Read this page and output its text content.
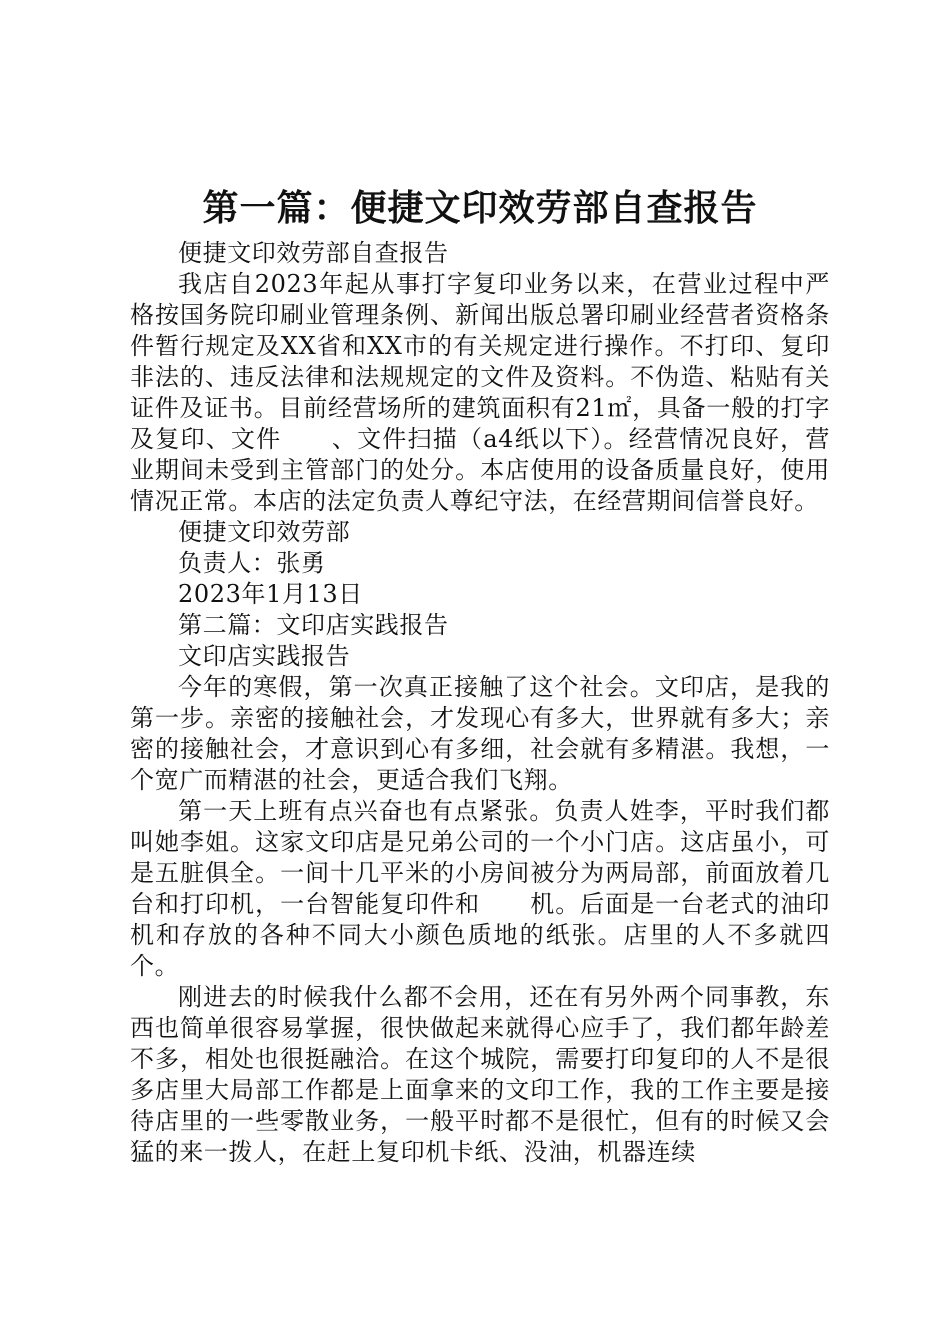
第一篇：便捷文印效劳部自查报告

便捷文印效劳部自查报告

我店自2023年起从事打字复印业务以来，在营业过程中严格按国务院印刷业管理条例、新闻出版总署印刷业经营者资格条件暂行规定及XX省和XX市的有关规定进行操作。不打印、复印非法的、违反法律和法规规定的文件及资料。不伪造、粘贴有关证件及证书。目前经营场所的建筑面积有21㎡，具备一般的打字及复印、文件　　、文件扫描（a4纸以下）。经营情况良好，营业期间未受到主管部门的处分。本店使用的设备质量良好，使用情况正常。本店的法定负责人尊纪守法，在经营期间信誉良好。

便捷文印效劳部

负责人：张勇

2023年1月13日

第二篇：文印店实践报告

文印店实践报告

今年的寒假，第一次真正接触了这个社会。文印店，是我的第一步。亲密的接触社会，才发现心有多大，世界就有多大；亲密的接触社会，才意识到心有多细，社会就有多精湛。我想，一个宽广而精湛的社会，更适合我们飞翔。

第一天上班有点兴奋也有点紧张。负责人姓李，平时我们都叫她李姐。这家文印店是兄弟公司的一个小门店。这店虽小，可是五脏俱全。一间十几平米的小房间被分为两局部，前面放着几台和打印机，一台智能复印件和　　机。后面是一台老式的油印机和存放的各种不同大小颜色质地的纸张。店里的人不多就四个。

刚进去的时候我什么都不会用，还在有另外两个同事教，东西也简单很容易掌握，很快做起来就得心应手了，我们都年龄差不多，相处也很挺融洽。在这个城院，需要打印复印的人不是很多店里大局部工作都是上面拿来的文印工作，我的工作主要是接待店里的一些零散业务，一般平时都不是很忙，但有的时候又会猛的来一拨人，在赶上复印机卡纸、没油，机器连续
